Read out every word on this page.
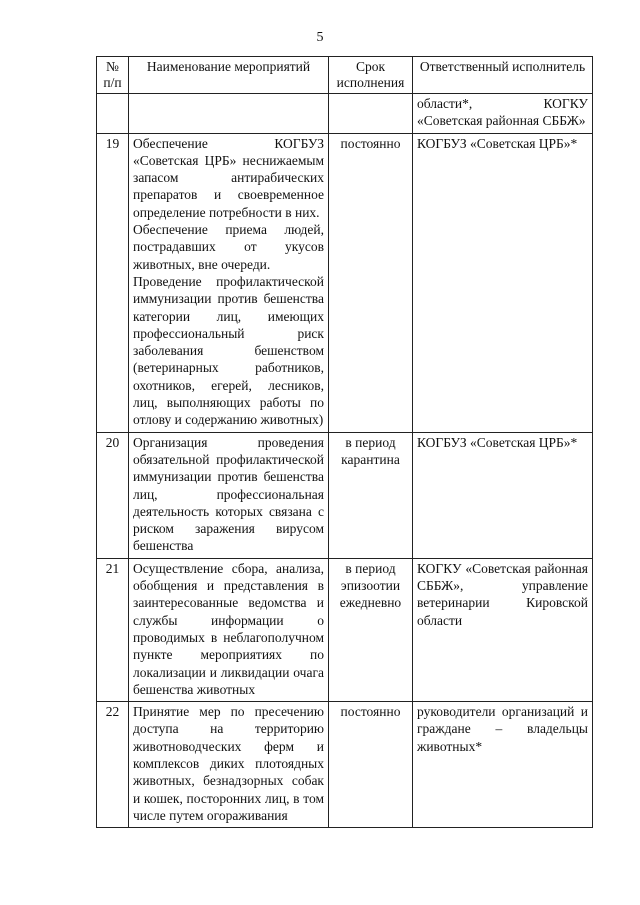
5
№ п/п	Наименование мероприятий	Срок исполнения	Ответственный исполнитель
			области*, КОГКУ «Советская районная СББЖ»
19	Обеспечение КОГБУЗ «Советская ЦРБ» неснижаемым запасом антирабических препаратов и своевременное определение потребности в них.

Обеспечение приема людей, пострадавших от укусов животных, вне очереди.

Проведение профилактической иммунизации против бешенства категории лиц, имеющих профессиональный риск заболевания бешенством (ветеринарных работников, охотников, егерей, лесников, лиц, выполняющих работы по отлову и содержанию животных)	постоянно	КОГБУЗ «Советская ЦРБ»*
20	Организация проведения обязательной профилактической иммунизации против бешенства лиц, профессиональная деятельность которых связана с риском заражения вирусом бешенства	в период карантина	КОГБУЗ «Советская ЦРБ»*
21	Осуществление сбора, анализа, обобщения и представления в заинтересованные ведомства и службы информации о проводимых в неблагополучном пункте мероприятиях по локализации и ликвидации очага бешенства животных	в период эпизоотии ежедневно	КОГКУ «Советская районная СББЖ», управление ветеринарии Кировской области
22	Принятие мер по пресечению доступа на территорию животноводческих ферм и комплексов диких плотоядных животных, безнадзорных собак и кошек, посторонних лиц, в том числе путем огораживания	постоянно	руководители организаций и граждане – владельцы животных*
